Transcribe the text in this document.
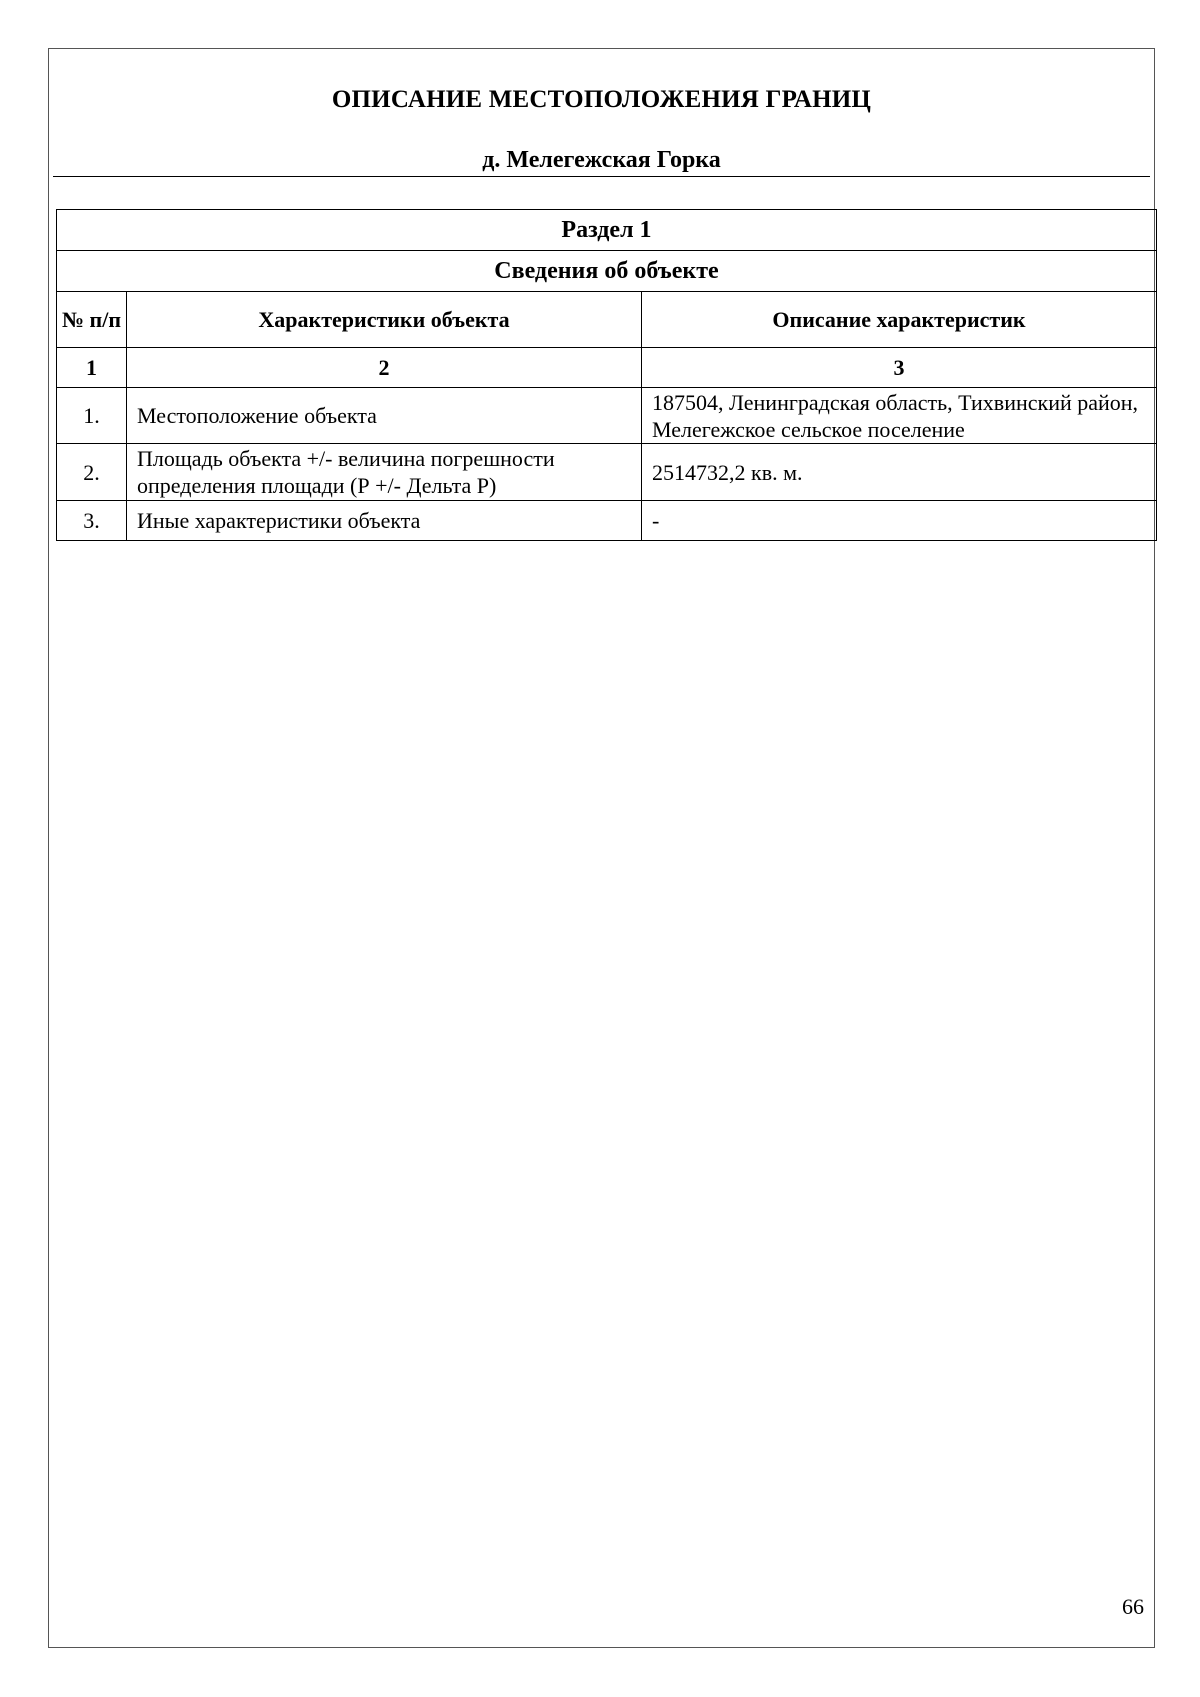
ОПИСАНИЕ МЕСТОПОЛОЖЕНИЯ ГРАНИЦ
д. Мелегежская Горка
Раздел 1		
Сведения об объекте		
№ п/п	Характеристики объекта	Описание характеристик
1	2	3
1.	Местоположение объекта	187504, Ленинградская область, Тихвинский район, Мелегежское сельское поселение
2.	Площадь объекта +/- величина погрешности определения площади (Р +/- Дельта Р)	2514732,2 кв. м.
3.	Иные характеристики объекта	-
66
